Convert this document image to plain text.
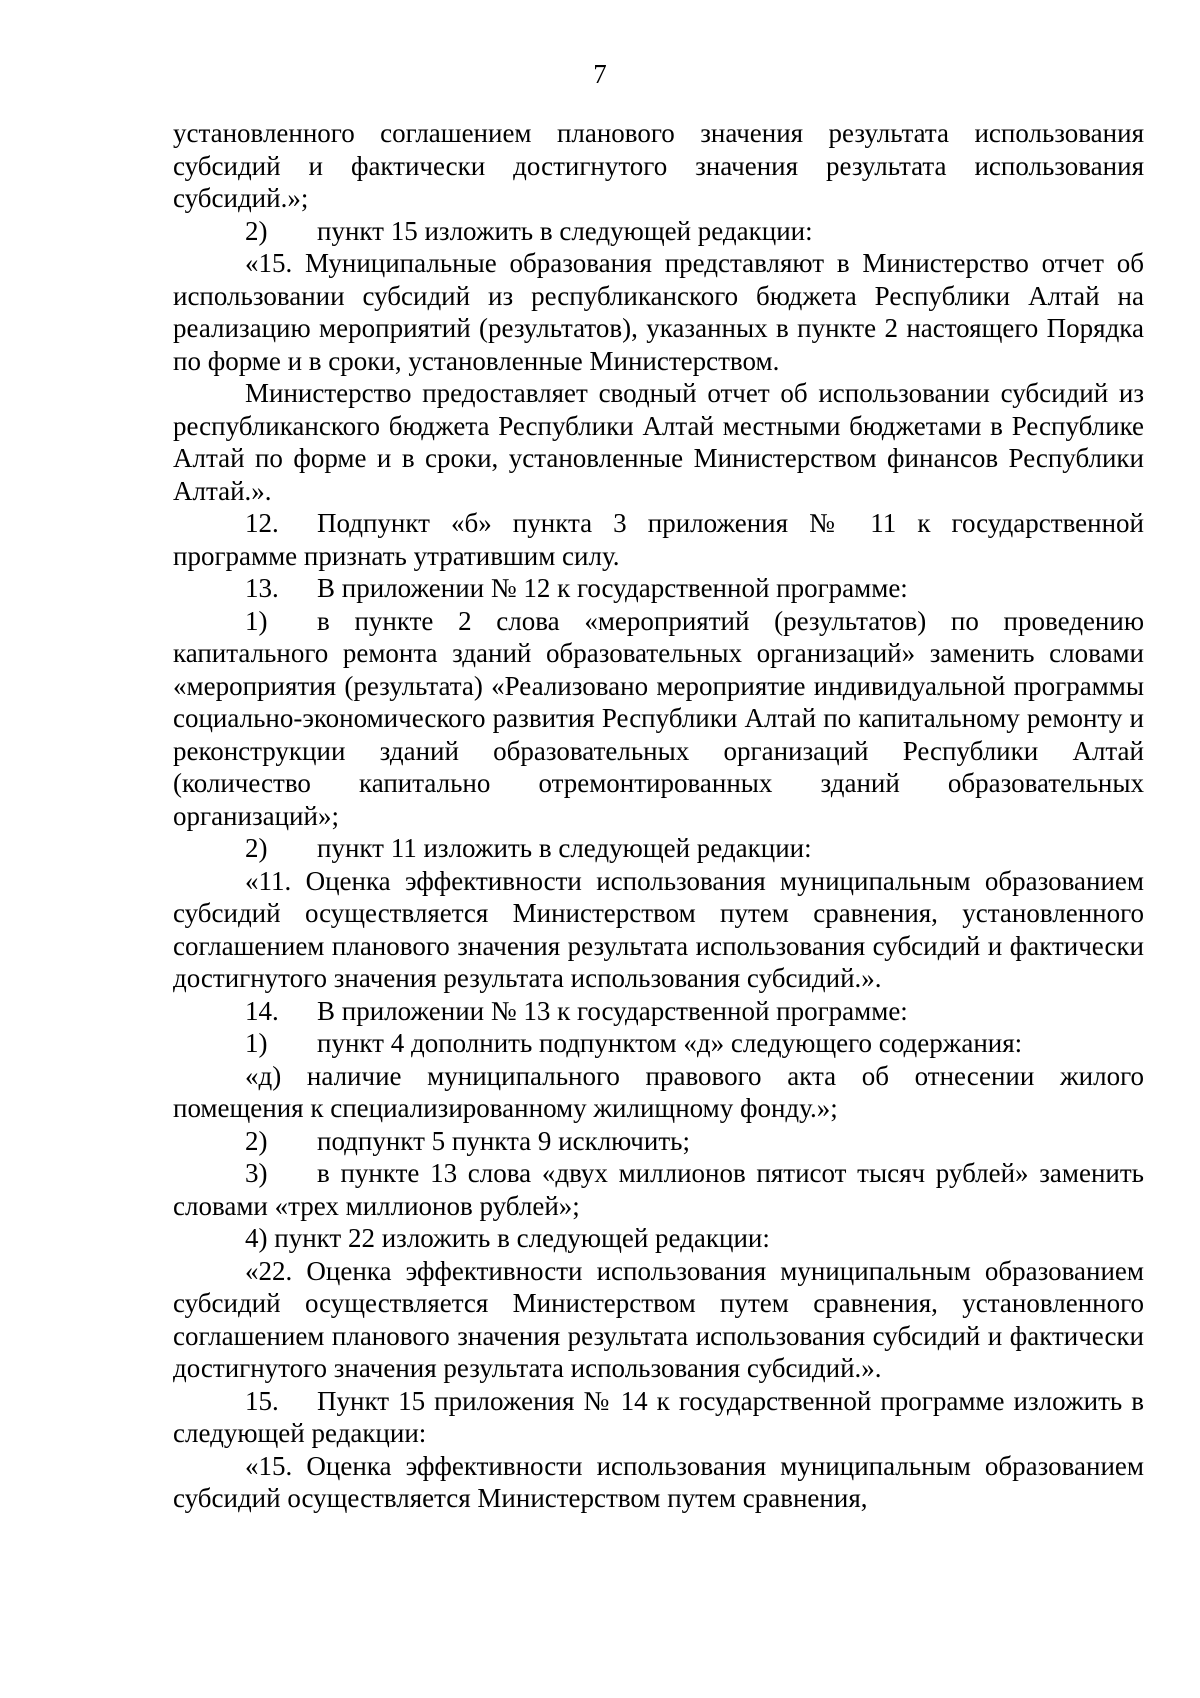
7

установленного соглашением планового значения результата использования субсидий и фактически достигнутого значения результата использования субсидий.»;

2)	пункт 15 изложить в следующей редакции:

«15. Муниципальные образования представляют в Министерство отчет об использовании субсидий из республиканского бюджета Республики Алтай на реализацию мероприятий (результатов), указанных в пункте 2 настоящего Порядка по форме и в сроки, установленные Министерством.

Министерство предоставляет сводный отчет об использовании субсидий из республиканского бюджета Республики Алтай местными бюджетами в Республике Алтай по форме и в сроки, установленные Министерством финансов Республики Алтай.».

12. Подпункт «б» пункта 3 приложения № 11 к государственной программе признать утратившим силу.

13.	В приложении № 12 к государственной программе:

1) в пункте 2 слова «мероприятий (результатов) по проведению капитального ремонта зданий образовательных организаций» заменить словами «мероприятия (результата) «Реализовано мероприятие индивидуальной программы социально-экономического развития Республики Алтай по капитальному ремонту и реконструкции зданий образовательных организаций Республики Алтай (количество капитально отремонтированных зданий образовательных организаций»;

2)	пункт 11 изложить в следующей редакции:

«11. Оценка эффективности использования муниципальным образованием субсидий осуществляется Министерством путем сравнения, установленного соглашением планового значения результата использования субсидий и фактически достигнутого значения результата использования субсидий.».

14.	В приложении № 13 к государственной программе:

1)	пункт 4 дополнить подпунктом «д» следующего содержания:

«д) наличие муниципального правового акта об отнесении жилого помещения к специализированному жилищному фонду.»;

2)	подпункт 5 пункта 9 исключить;

3) в пункте 13 слова «двух миллионов пятисот тысяч рублей» заменить словами «трех миллионов рублей»;

4) пункт 22 изложить в следующей редакции:

«22. Оценка эффективности использования муниципальным образованием субсидий осуществляется Министерством путем сравнения, установленного соглашением планового значения результата использования субсидий и фактически достигнутого значения результата использования субсидий.».

15. Пункт 15 приложения № 14 к государственной программе изложить в следующей редакции:

«15. Оценка эффективности использования муниципальным образованием субсидий осуществляется Министерством путем сравнения,
